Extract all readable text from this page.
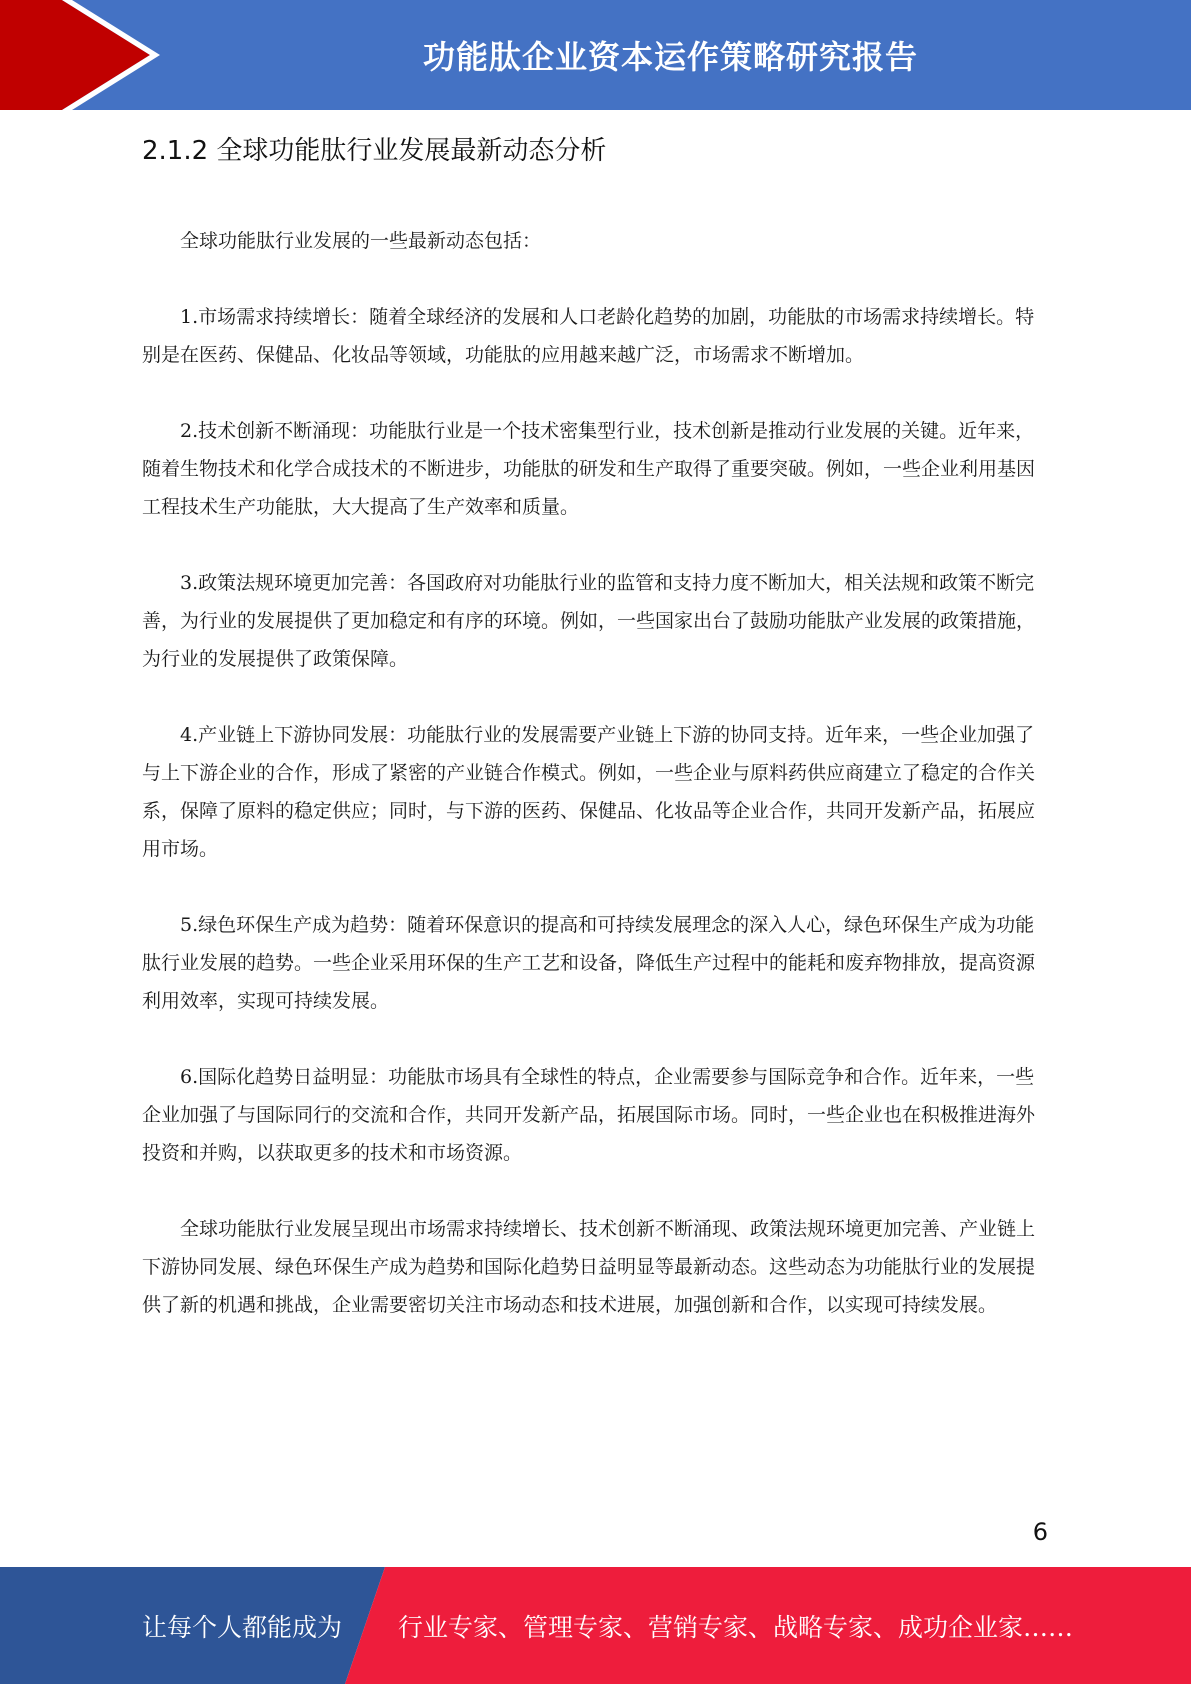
功能肽企业资本运作策略研究报告
2.1.2 全球功能肽行业发展最新动态分析

全球功能肽行业发展的一些最新动态包括：

1.市场需求持续增长：随着全球经济的发展和人口老龄化趋势的加剧，功能肽的市场需求持续增长。特别是在医药、保健品、化妆品等领域，功能肽的应用越来越广泛，市场需求不断增加。

2.技术创新不断涌现：功能肽行业是一个技术密集型行业，技术创新是推动行业发展的关键。近年来，随着生物技术和化学合成技术的不断进步，功能肽的研发和生产取得了重要突破。例如，一些企业利用基因工程技术生产功能肽，大大提高了生产效率和质量。

3.政策法规环境更加完善：各国政府对功能肽行业的监管和支持力度不断加大，相关法规和政策不断完善，为行业的发展提供了更加稳定和有序的环境。例如，一些国家出台了鼓励功能肽产业发展的政策措施，为行业的发展提供了政策保障。

4.产业链上下游协同发展：功能肽行业的发展需要产业链上下游的协同支持。近年来，一些企业加强了与上下游企业的合作，形成了紧密的产业链合作模式。例如，一些企业与原料药供应商建立了稳定的合作关系，保障了原料的稳定供应；同时，与下游的医药、保健品、化妆品等企业合作，共同开发新产品，拓展应用市场。

5.绿色环保生产成为趋势：随着环保意识的提高和可持续发展理念的深入人心，绿色环保生产成为功能肽行业发展的趋势。一些企业采用环保的生产工艺和设备，降低生产过程中的能耗和废弃物排放，提高资源利用效率，实现可持续发展。

6.国际化趋势日益明显：功能肽市场具有全球性的特点，企业需要参与国际竞争和合作。近年来，一些企业加强了与国际同行的交流和合作，共同开发新产品，拓展国际市场。同时，一些企业也在积极推进海外投资和并购，以获取更多的技术和市场资源。

全球功能肽行业发展呈现出市场需求持续增长、技术创新不断涌现、政策法规环境更加完善、产业链上下游协同发展、绿色环保生产成为趋势和国际化趋势日益明显等最新动态。这些动态为功能肽行业的发展提供了新的机遇和挑战，企业需要密切关注市场动态和技术进展，加强创新和合作，以实现可持续发展。

6
让每个人都能成为 行业专家、管理专家、营销专家、战略专家、成功企业家……
